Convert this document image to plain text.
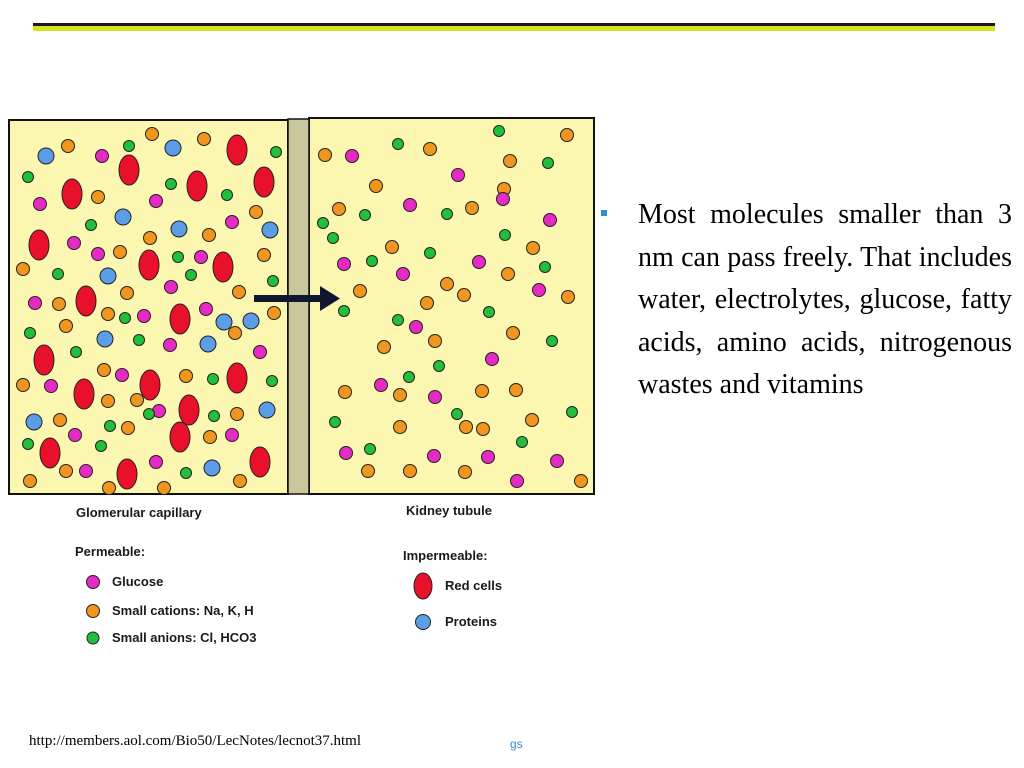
Glomerular capillary	Kidney tubule
Permeable:
Glucose
Small cations: Na, K, H
Small anions: Cl, HCO3
Impermeable:
Red cells
Proteins
Most molecules smaller than 3 nm can pass freely. That includes water, electrolytes, glucose, fatty acids, amino acids, nitrogenous wastes and vitamins
http://members.aol.com/Bio50/LecNotes/lecnot37.html	gs
